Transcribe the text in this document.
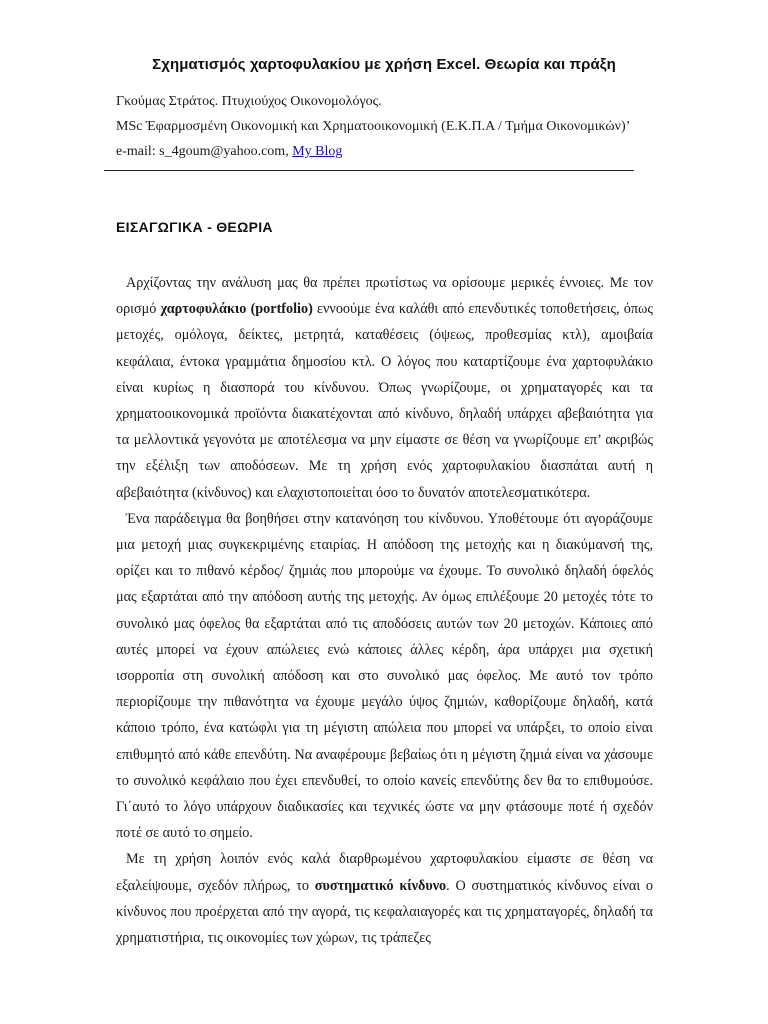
Σχηματισμός χαρτοφυλακίου με χρήση Excel. Θεωρία και πράξη
Γκούμας Στράτος. Πτυχιούχος Οικονομολόγος.
MSc Έφαρμοσμένη Οικονομική και Χρηματοοικονομική (Ε.Κ.Π.Α / Τμήμα Οικονομικών)’
e-mail: s_4goum@yahoo.com, My Blog
ΕΙΣΑΓΩΓΙΚΑ - ΘΕΩΡΙΑ

Αρχίζοντας την ανάλυση μας θα πρέπει πρωτίστως να ορίσουμε μερικές έννοιες. Με τον ορισμό χαρτοφυλάκιο (portfolio) εννοούμε ένα καλάθι από επενδυτικές τοποθετήσεις, όπως μετοχές, ομόλογα, δείκτες, μετρητά, καταθέσεις (όψεως, προθεσμίας κτλ), αμοιβαία κεφάλαια, έντοκα γραμμάτια δημοσίου κτλ. Ο λόγος που καταρτίζουμε ένα χαρτοφυλάκιο είναι κυρίως η διασπορά του κίνδυνου. Όπως γνωρίζουμε, οι χρηματαγορές και τα χρηματοοικονομικά προϊόντα διακατέχονται από κίνδυνο, δηλαδή υπάρχει αβεβαιότητα για τα μελλοντικά γεγονότα με αποτέλεσμα να μην είμαστε σε θέση να γνωρίζουμε επ’ ακριβώς την εξέλιξη των αποδόσεων. Με τη χρήση ενός χαρτοφυλακίου διασπάται αυτή η αβεβαιότητα (κίνδυνος) και ελαχιστοποιείται όσο το δυνατόν αποτελεσματικότερα.

Ένα παράδειγμα θα βοηθήσει στην κατανόηση του κίνδυνου. Υποθέτουμε ότι αγοράζουμε μια μετοχή μιας συγκεκριμένης εταιρίας. Η απόδοση της μετοχής και η διακύμανσή της, ορίζει και το πιθανό κέρδος/ ζημιάς που μπορούμε να έχουμε. Το συνολικό δηλαδή όφελός μας εξαρτάται από την απόδοση αυτής της μετοχής. Αν όμως επιλέξουμε 20 μετοχές τότε το συνολικό μας όφελος θα εξαρτάται από τις αποδόσεις αυτών των 20 μετοχών. Κάποιες από αυτές μπορεί να έχουν απώλειες ενώ κάποιες άλλες κέρδη, άρα υπάρχει μια σχετική ισορροπία στη συνολική απόδοση και στο συνολικό μας όφελος. Με αυτό τον τρόπο περιορίζουμε την πιθανότητα να έχουμε μεγάλο ύψος ζημιών, καθορίζουμε δηλαδή, κατά κάποιο τρόπο, ένα κατώφλι για τη μέγιστη απώλεια που μπορεί να υπάρξει, το οποίο είναι επιθυμητό από κάθε επενδύτη. Να αναφέρουμε βεβαίως ότι η μέγιστη ζημιά είναι να χάσουμε το συνολικό κεφάλαιο που έχει επενδυθεί, το οποίο κανείς επενδύτης δεν θα το επιθυμούσε. Γι΄αυτό το λόγο υπάρχουν διαδικασίες και τεχνικές ώστε να μην φτάσουμε ποτέ ή σχεδόν ποτέ σε αυτό το σημείο.

Με τη χρήση λοιπόν ενός καλά διαρθρωμένου χαρτοφυλακίου είμαστε σε θέση να εξαλείψουμε, σχεδόν πλήρως, το συστηματικό κίνδυνο. Ο συστηματικός κίνδυνος είναι ο κίνδυνος που προέρχεται από την αγορά, τις κεφαλαιαγορές και τις χρηματαγορές, δηλαδή τα χρηματιστήρια, τις οικονομίες των χώρων, τις τράπεζες
